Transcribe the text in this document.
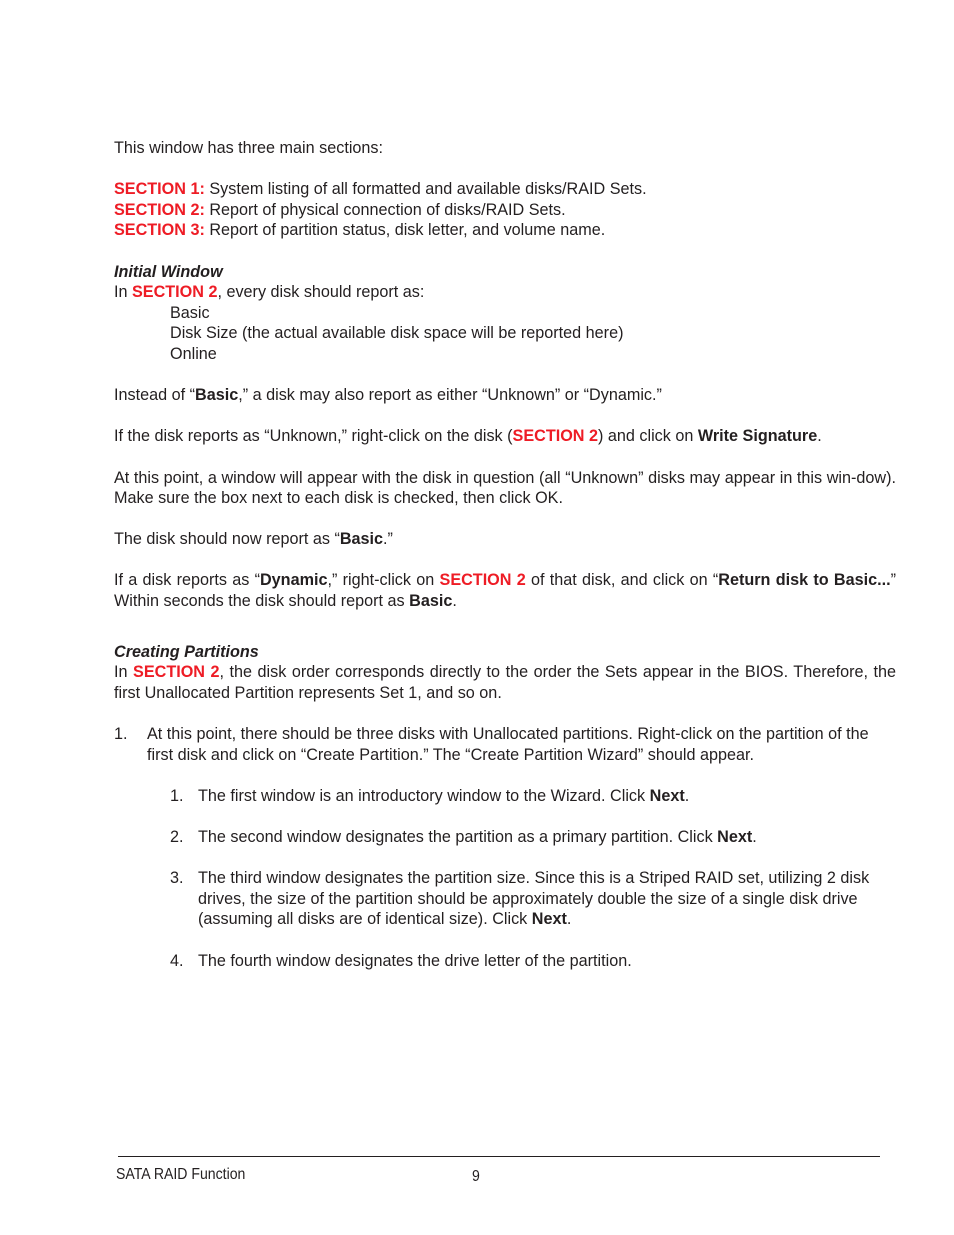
This window has three main sections:

SECTION 1: System listing of all formatted and available disks/RAID Sets.

SECTION 2: Report of physical connection of disks/RAID Sets.

SECTION 3: Report of partition status, disk letter, and volume name.

Initial Window

In SECTION 2, every disk should report as:

Basic

Disk Size (the actual available disk space will be reported here)

Online

Instead of “Basic,” a disk may also report as either “Unknown” or “Dynamic.”

If the disk reports as “Unknown,” right-click on the disk (SECTION 2) and click on Write Signature.

At this point, a window will appear with the disk in question (all “Unknown” disks may appear in this win-dow). Make sure the box next to each disk is checked, then click OK.

The disk should now report as “Basic.”

If a disk reports as “Dynamic,” right-click on SECTION 2 of that disk, and click on “Return disk to Basic...” Within seconds the disk should report as Basic.

Creating Partitions

In SECTION 2, the disk order corresponds directly to the order the Sets appear in the BIOS. Therefore, the first Unallocated Partition represents Set 1, and so on.

1. At this point, there should be three disks with Unallocated partitions. Right-click on the partition of the first disk and click on “Create Partition.” The “Create Partition Wizard” should appear.

1. The first window is an introductory window to the Wizard. Click Next.

2. The second window designates the partition as a primary partition. Click Next.

3. The third window designates the partition size. Since this is a Striped RAID set, utilizing 2 disk drives, the size of the partition should be approximately double the size of a single disk drive (assuming all disks are of identical size). Click Next.

4. The fourth window designates the drive letter of the partition.

SATA RAID Function	9
